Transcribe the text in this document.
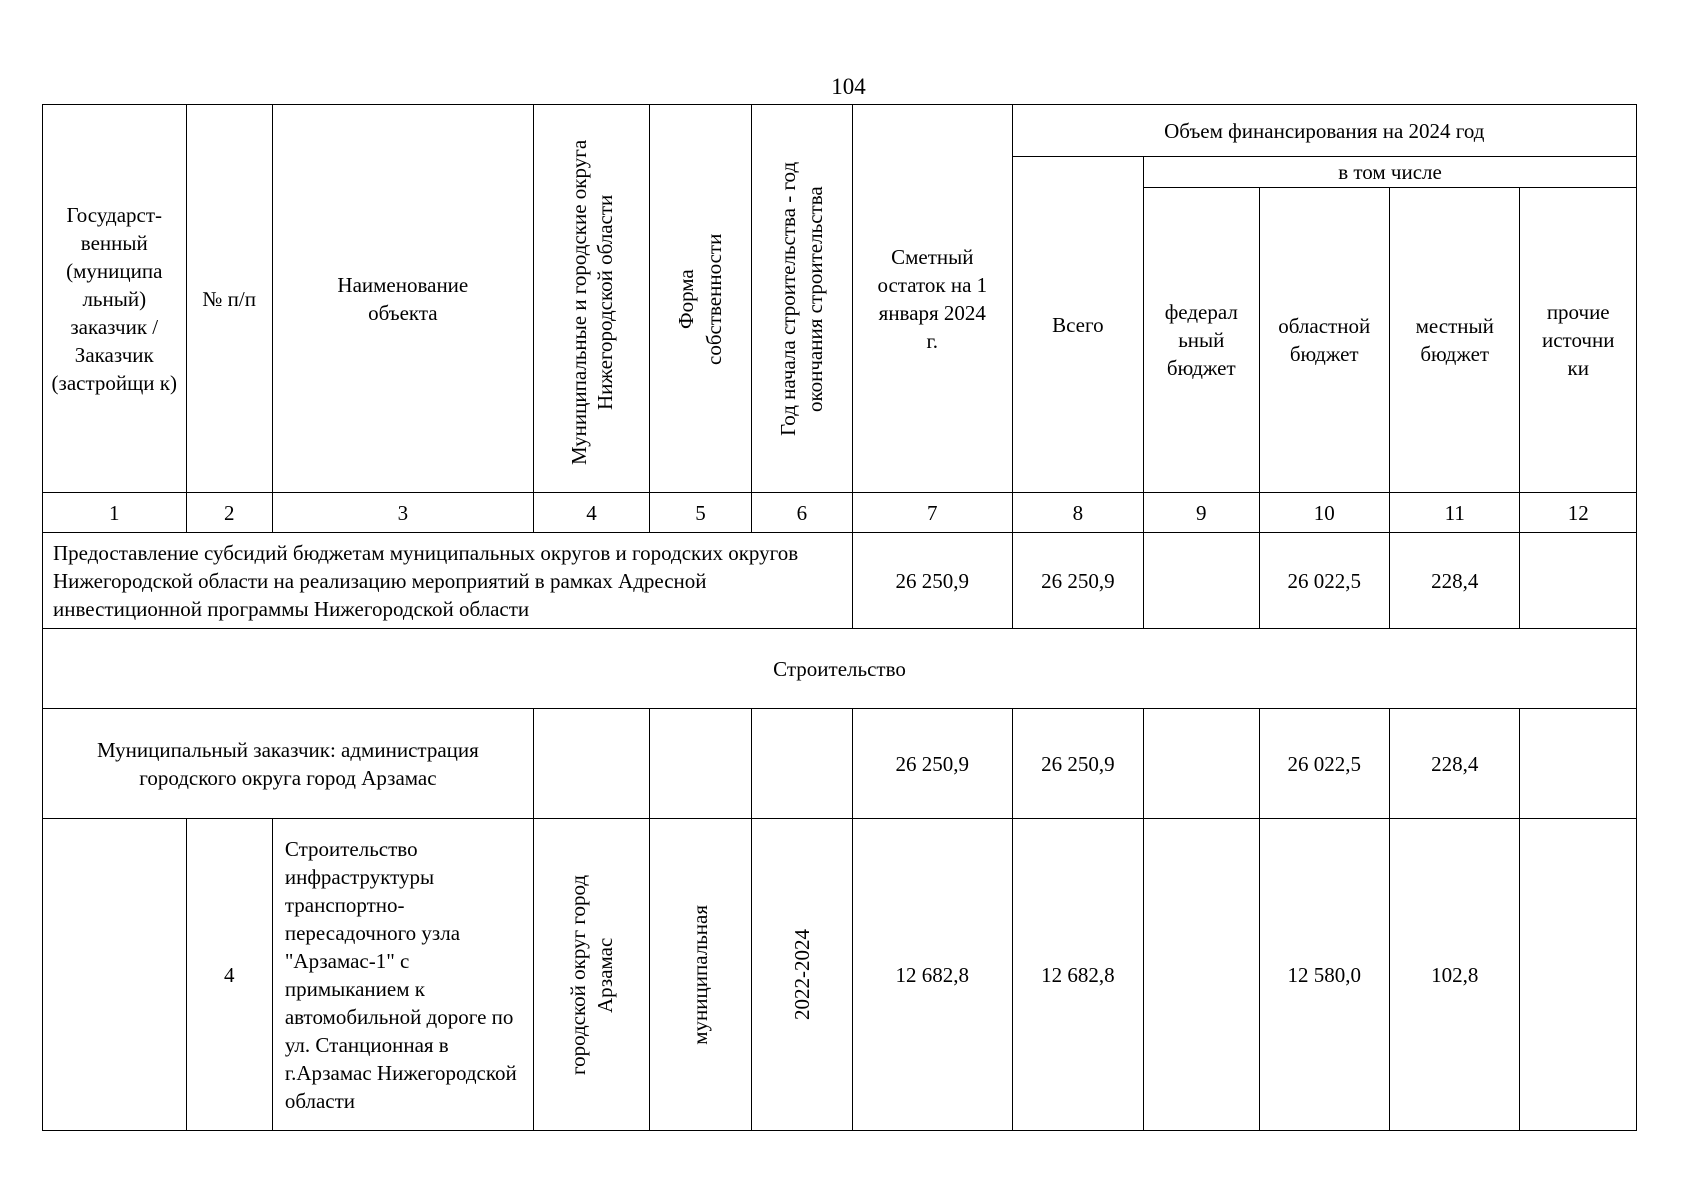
104
Государст-венный (муниципа льный) заказчик / Заказчик (застройщи к)	№ п/п	Наименование объекта	Муниципальные и городские округа Нижегородской области	Форма собственности	Год начала строительства - год окончания строительства	Сметный остаток на 1 января 2024 г.	Объем финансирования на 2024 год				
							Всего	в том числе			

								федерал ьный бюджет	областной бюджет	местный бюджет	прочие источни ки

1	2	3	4	5	6	7	8	9	10	11	12

Предоставление субсидий бюджетам муниципальных округов и городских округов Нижегородской области на реализацию мероприятий в рамках Адресной инвестиционной программы Нижегородской области						26 250,9	26 250,9		26 022,5	228,4	
Строительство											

Муниципальный заказчик: администрация городского округа город Арзамас						26 250,9	26 250,9		26 022,5	228,4	
	4	Строительство инфраструктуры транспортно-пересадочного узла "Арзамас-1" с примыканием к автомобильной дороге по ул. Станционная в г.Арзамас Нижегородской области	городской округ город Арзамас	муниципальная	2022-2024	12 682,8	12 682,8		12 580,0	102,8	
